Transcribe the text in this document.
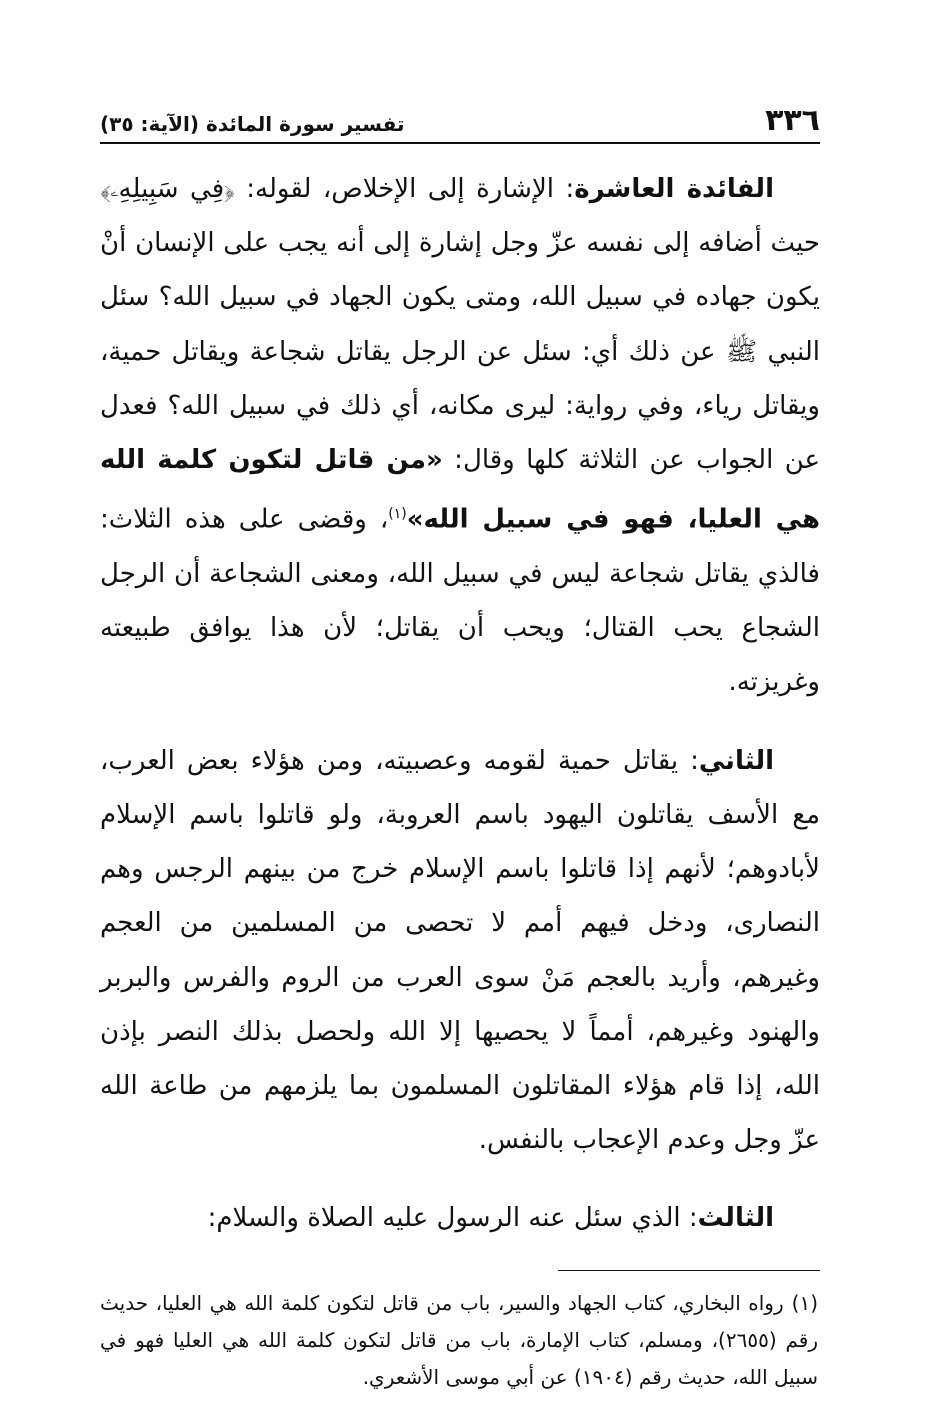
٣٣٦
تفسير سورة المائدة (الآية: ٣٥)

الفائدة العاشرة: الإشارة إلى الإخلاص، لقوله: ﴿فِي سَبِيلِهِۦ﴾ حيث أضافه إلى نفسه عزّ وجل إشارة إلى أنه يجب على الإنسان أنْ يكون جهاده في سبيل الله، ومتى يكون الجهاد في سبيل الله؟ سئل النبي ﷺ عن ذلك أي: سئل عن الرجل يقاتل شجاعة ويقاتل حمية، ويقاتل رياء، وفي رواية: ليرى مكانه، أي ذلك في سبيل الله؟ فعدل عن الجواب عن الثلاثة كلها وقال: «من قاتل لتكون كلمة الله هي العليا، فهو في سبيل الله»$^{(١)}$، وقضى على هذه الثلاث: فالذي يقاتل شجاعة ليس في سبيل الله، ومعنى الشجاعة أن الرجل الشجاع يحب القتال؛ ويحب أن يقاتل؛ لأن هذا يوافق طبيعته وغريزته.

الثاني: يقاتل حمية لقومه وعصبيته، ومن هؤلاء بعض العرب، مع الأسف يقاتلون اليهود باسم العروبة، ولو قاتلوا باسم الإسلام لأبادوهم؛ لأنهم إذا قاتلوا باسم الإسلام خرج من بينهم الرجس وهم النصارى، ودخل فيهم أمم لا تحصى من المسلمين من العجم وغيرهم، وأريد بالعجم مَنْ سوى العرب من الروم والفرس والبربر والهنود وغيرهم، أمماً لا يحصيها إلا الله ولحصل بذلك النصر بإذن الله، إذا قام هؤلاء المقاتلون المسلمون بما يلزمهم من طاعة الله عزّ وجل وعدم الإعجاب بالنفس.

الثالث: الذي سئل عنه الرسول عليه الصلاة والسلام:

(١)رواه البخاري، كتاب الجهاد والسير، باب من قاتل لتكون كلمة الله هي العليا، حديث رقم (٢٦٥٥)، ومسلم، كتاب الإمارة، باب من قاتل لتكون كلمة الله هي العليا فهو في سبيل الله، حديث رقم (١٩٠٤) عن أبي موسى الأشعري.
